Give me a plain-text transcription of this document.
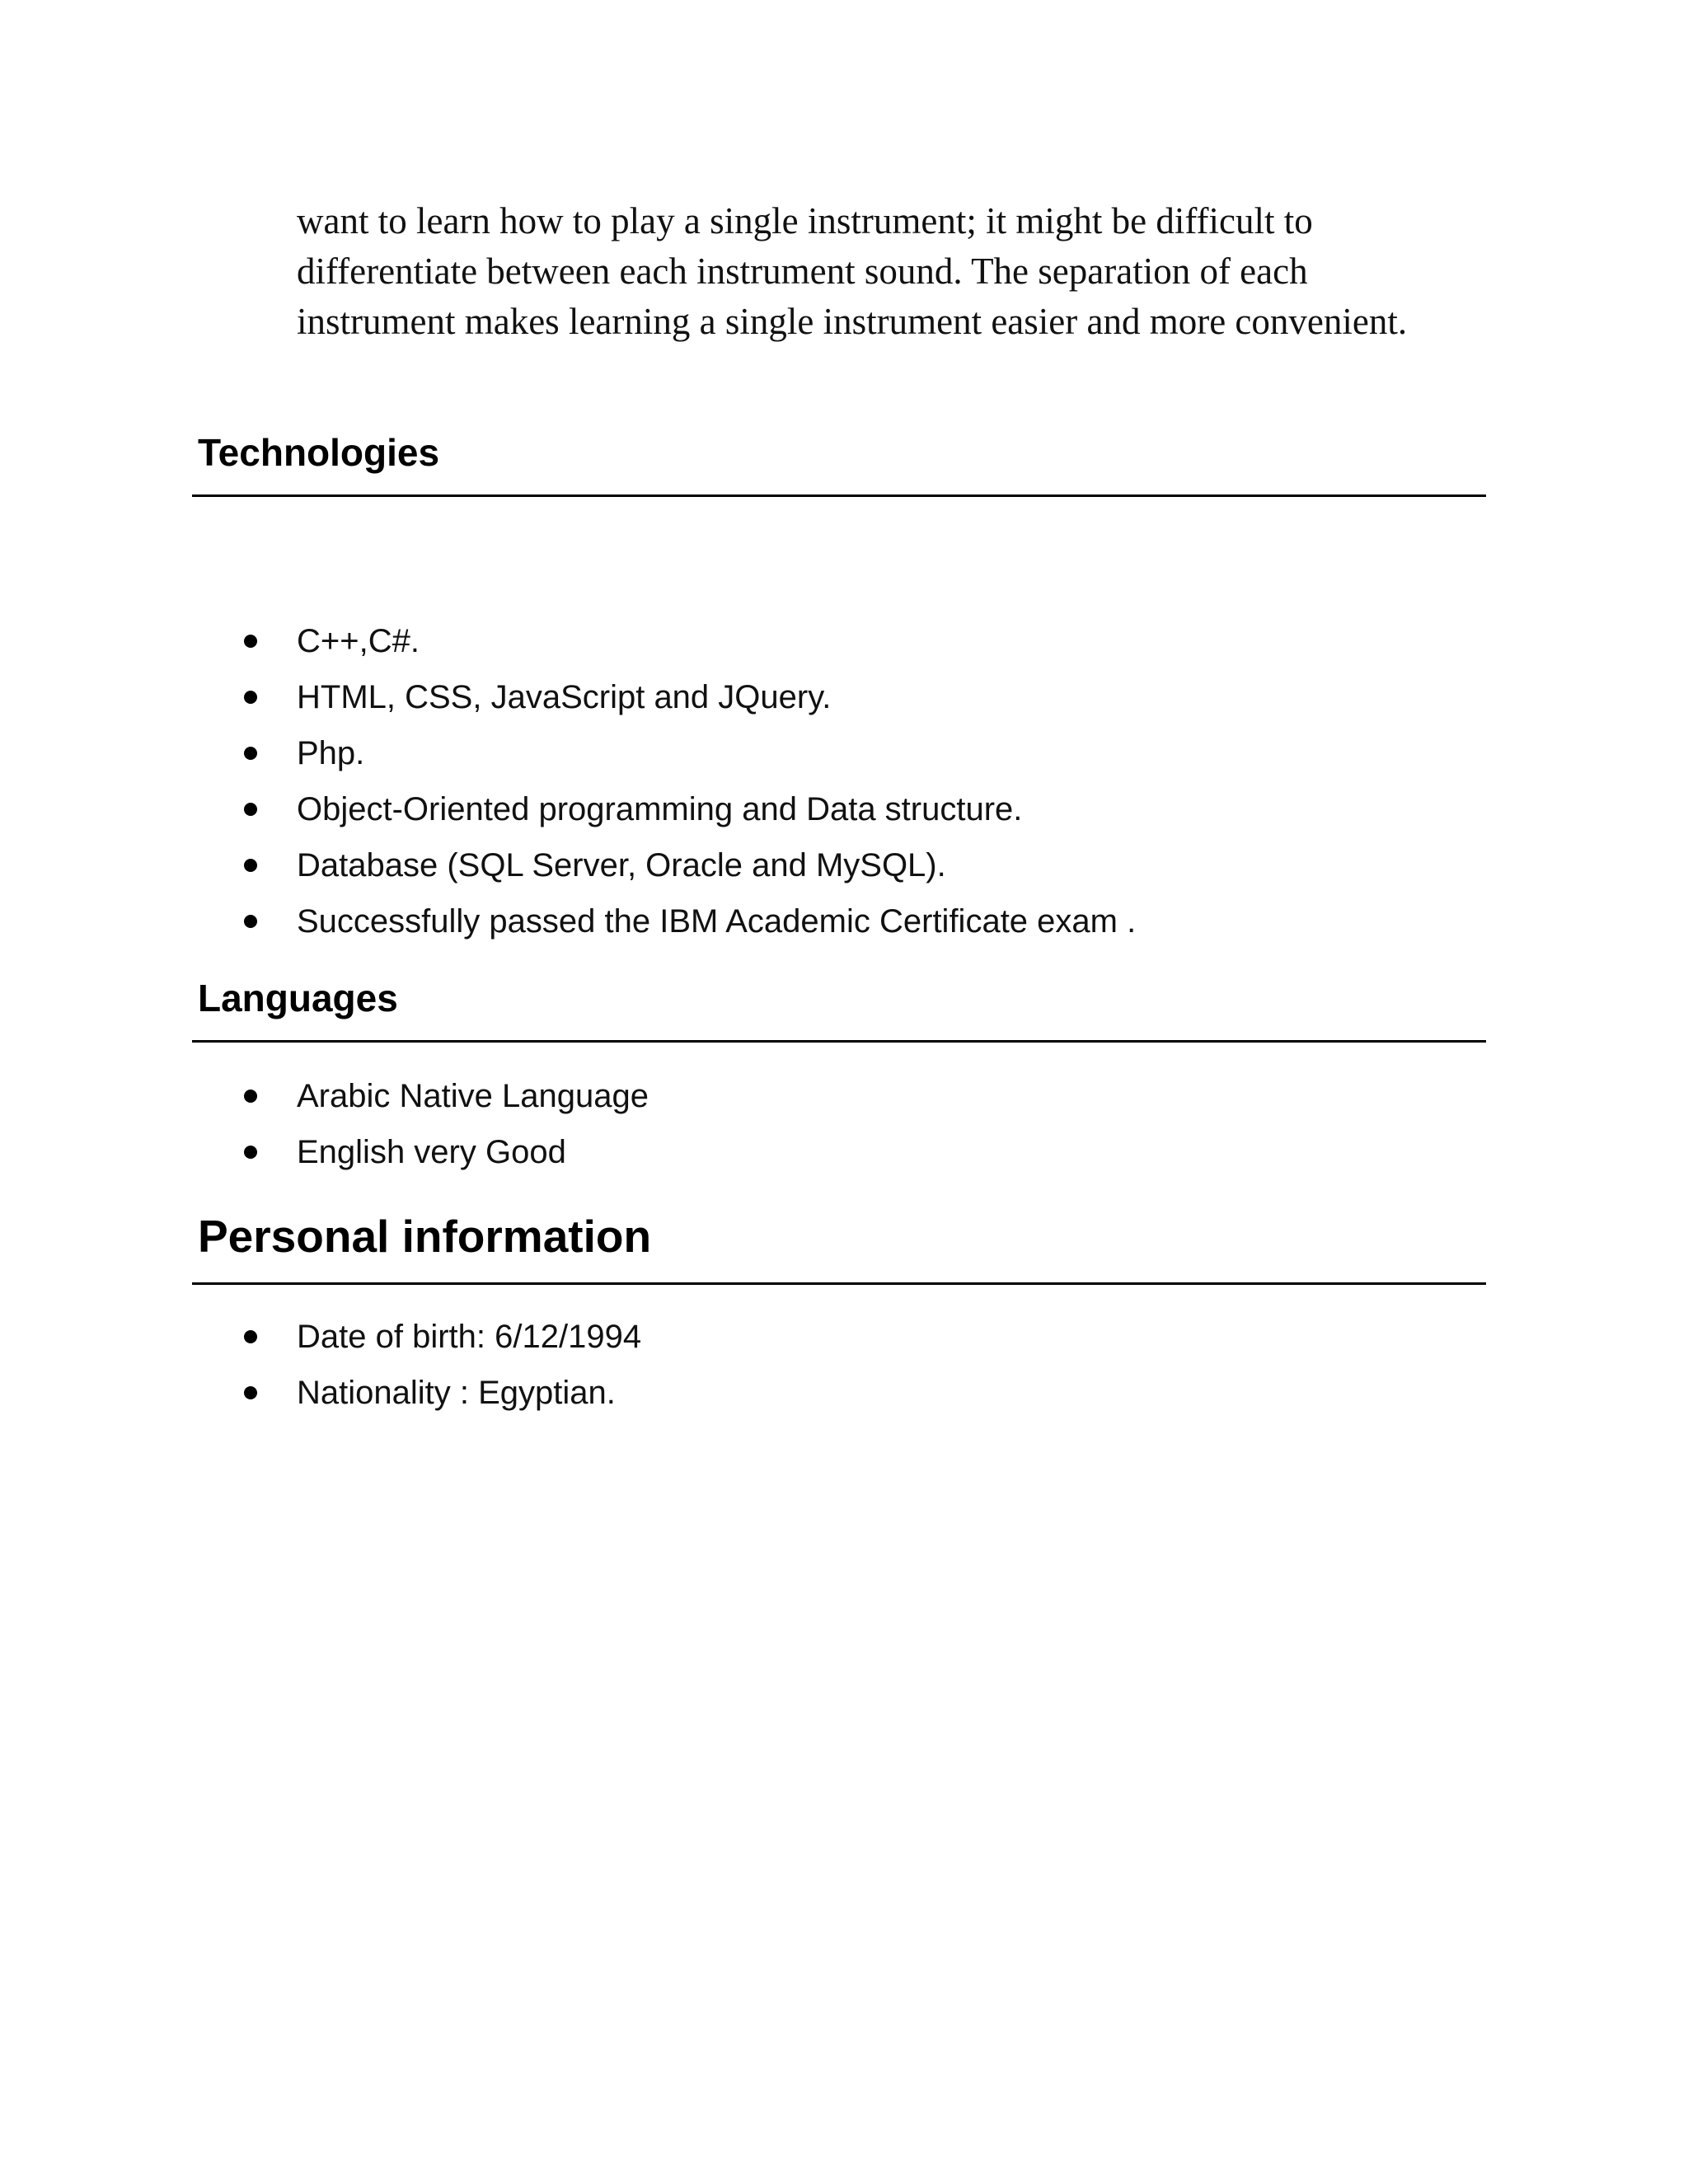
want to learn how to play a single instrument; it might be difficult to
differentiate between each instrument sound. The separation of each
instrument makes learning a single instrument easier and more convenient.
Technologies
C++,C#.
HTML, CSS, JavaScript and JQuery.
Php.
Object-Oriented programming and Data structure.
Database (SQL Server, Oracle and MySQL).
Successfully passed the IBM Academic Certificate exam .
Languages
Arabic Native Language
English very Good
Personal information
Date of birth: 6/12/1994
Nationality : Egyptian.
